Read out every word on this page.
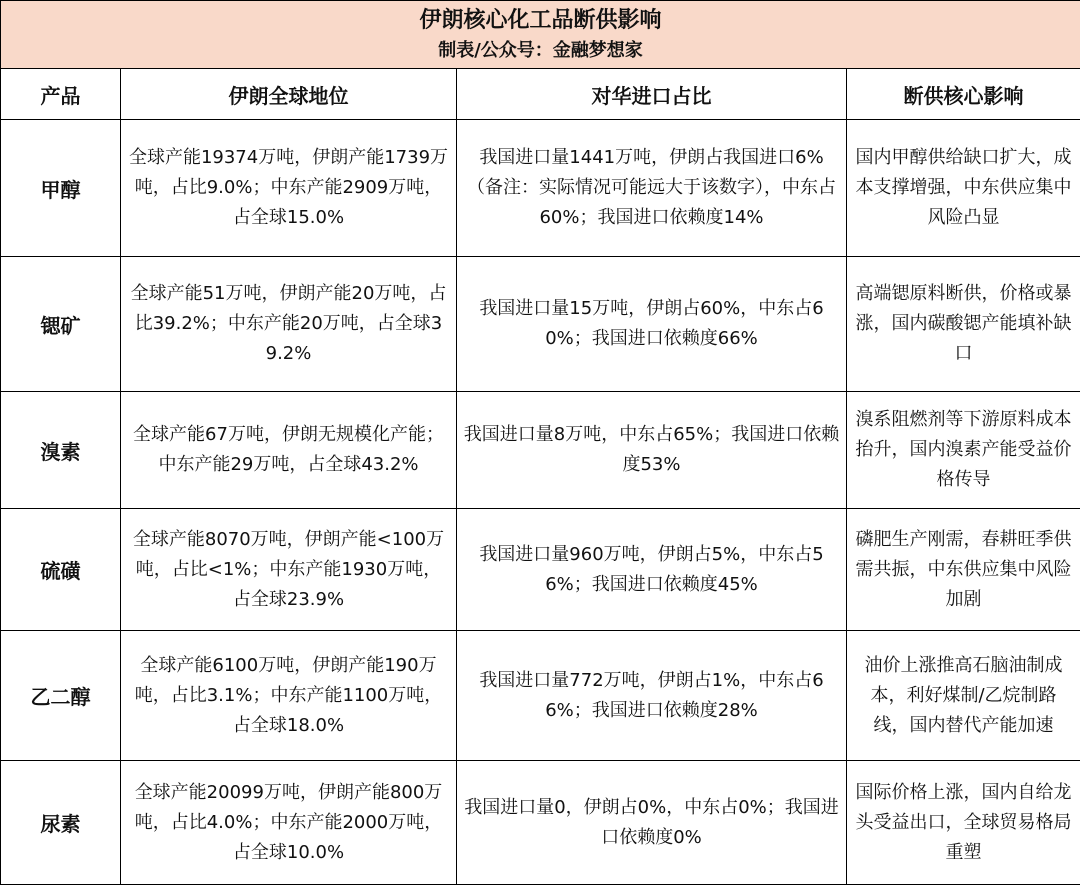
伊朗核心化工品断供影响
制表/公众号：金融梦想家			

产品	伊朗全球地位	对华进口占比	断供核心影响
甲醇	全球产能19374万吨，伊朗产能1739万吨，占比9.0%；中东产能2909万吨，占全球15.0%	我国进口量1441万吨，伊朗占我国进口6%（备注：实际情况可能远大于该数字），中东占60%；我国进口依赖度14%	国内甲醇供给缺口扩大，成本支撑增强，中东供应集中风险凸显
锶矿	全球产能51万吨，伊朗产能20万吨，占比39.2%；中东产能20万吨，占全球39.2%	我国进口量15万吨，伊朗占60%，中东占60%；我国进口依赖度66%	高端锶原料断供，价格或暴涨，国内碳酸锶产能填补缺口
溴素	全球产能67万吨，伊朗无规模化产能；中东产能29万吨，占全球43.2%	我国进口量8万吨，中东占65%；我国进口依赖度53%	溴系阻燃剂等下游原料成本抬升，国内溴素产能受益价格传导
硫磺	全球产能8070万吨，伊朗产能<100万吨，占比<1%；中东产能1930万吨，占全球23.9%	我国进口量960万吨，伊朗占5%，中东占56%；我国进口依赖度45%	磷肥生产刚需，春耕旺季供需共振，中东供应集中风险加剧
乙二醇	全球产能6100万吨，伊朗产能190万吨，占比3.1%；中东产能1100万吨，占全球18.0%	我国进口量772万吨，伊朗占1%，中东占66%；我国进口依赖度28%	油价上涨推高石脑油制成本，利好煤制/乙烷制路线，国内替代产能加速
尿素	全球产能20099万吨，伊朗产能800万吨，占比4.0%；中东产能2000万吨，占全球10.0%	我国进口量0，伊朗占0%，中东占0%；我国进口依赖度0%	国际价格上涨，国内自给龙头受益出口，全球贸易格局重塑
